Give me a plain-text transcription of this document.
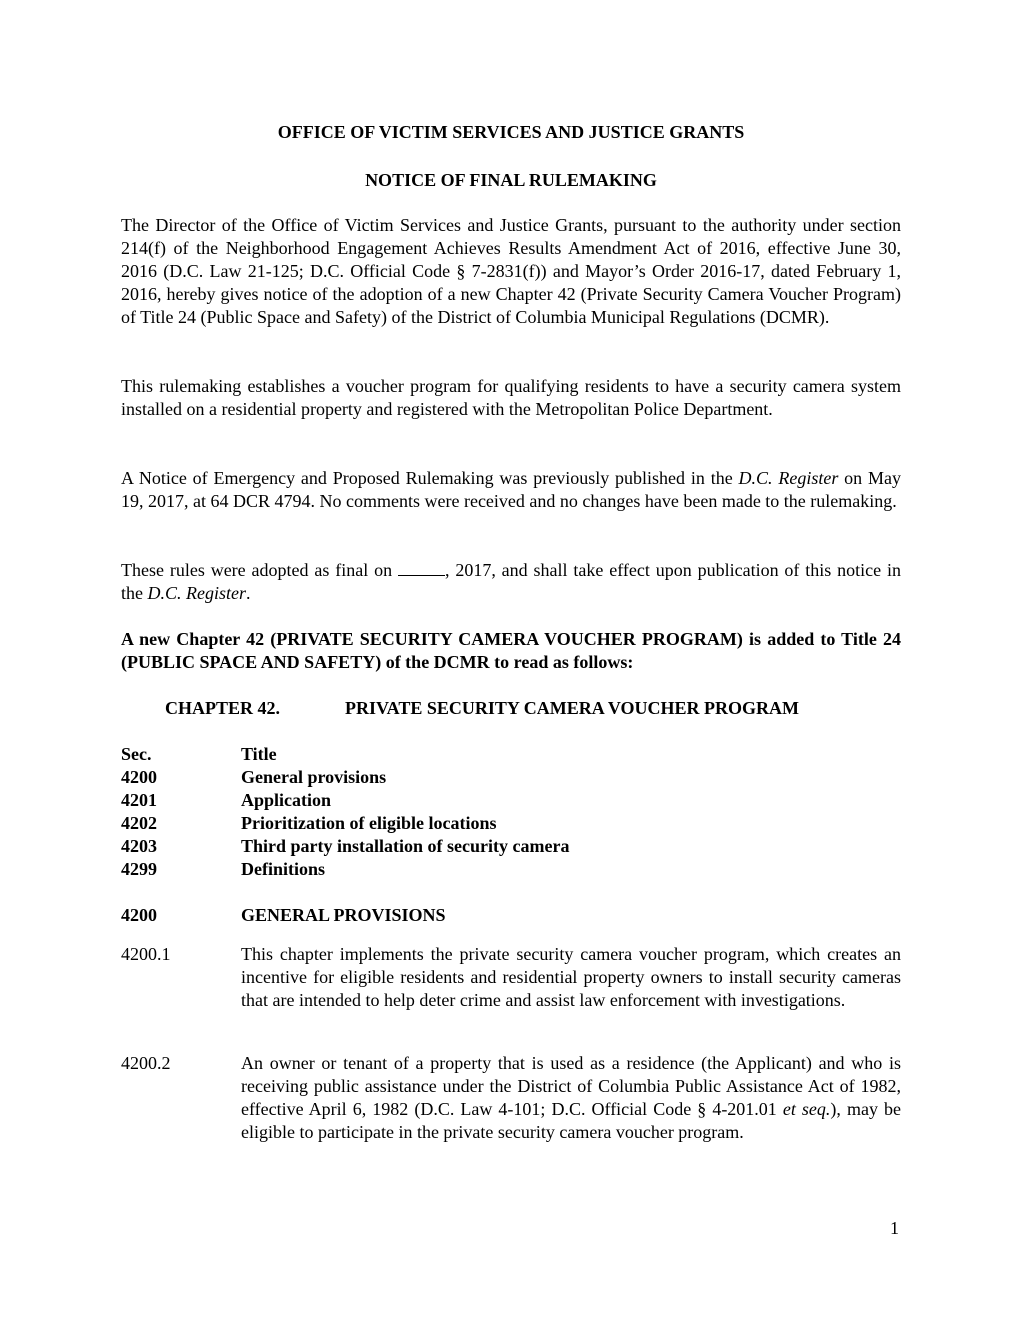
OFFICE OF VICTIM SERVICES AND JUSTICE GRANTS
NOTICE OF FINAL RULEMAKING

The Director of the Office of Victim Services and Justice Grants, pursuant to the authority under section 214(f) of the Neighborhood Engagement Achieves Results Amendment Act of 2016, effective June 30, 2016 (D.C. Law 21-125; D.C. Official Code § 7-2831(f)) and Mayor’s Order 2016-17, dated February 1, 2016, hereby gives notice of the adoption of a new Chapter 42 (Private Security Camera Voucher Program) of Title 24 (Public Space and Safety) of the District of Columbia Municipal Regulations (DCMR).

This rulemaking establishes a voucher program for qualifying residents to have a security camera system installed on a residential property and registered with the Metropolitan Police Department.

A Notice of Emergency and Proposed Rulemaking was previously published in the D.C. Register on May 19, 2017, at 64 DCR 4794. No comments were received and no changes have been made to the rulemaking.

These rules were adopted as final on	, 2017, and shall take effect upon publication of this notice in the D.C. Register.

A new Chapter 42 (PRIVATE SECURITY CAMERA VOUCHER PROGRAM) is added to Title 24 (PUBLIC SPACE AND SAFETY) of the DCMR to read as follows:

CHAPTER 42.	PRIVATE SECURITY CAMERA VOUCHER PROGRAM
Sec.	Title
4200	General provisions
4201	Application
4202	Prioritization of eligible locations
4203	Third party installation of security camera
4299	Definitions
4200	GENERAL PROVISIONS
4200.1	This chapter implements the private security camera voucher program, which creates an incentive for eligible residents and residential property owners to install security cameras that are intended to help deter crime and assist law enforcement with investigations.
4200.2	An owner or tenant of a property that is used as a residence (the Applicant) and who is receiving public assistance under the District of Columbia Public Assistance Act of 1982, effective April 6, 1982 (D.C. Law 4-101; D.C. Official Code § 4-201.01 et seq.), may be eligible to participate in the private security camera voucher program.
1
